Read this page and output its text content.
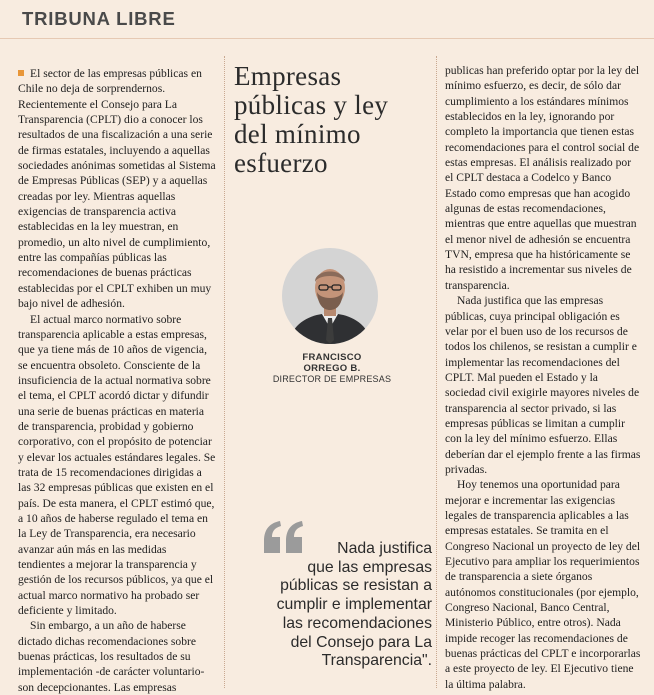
TRIBUNA LIBRE

El sector de las empresas públicas en Chile no deja de sorprendernos. Recientemente el Consejo para La Transparencia (CPLT) dio a conocer los resultados de una fiscalización a una serie de firmas estatales, incluyendo a aquellas sociedades anónimas sometidas al Sistema de Empresas Públicas (SEP) y a aquellas creadas por ley. Mientras aquellas exigencias de transparencia activa establecidas en la ley muestran, en promedio, un alto nivel de cumplimiento, entre las compañías públicas las recomendaciones de buenas prácticas establecidas por el CPLT exhiben un muy bajo nivel de adhesión.

El actual marco normativo sobre transparencia aplicable a estas empresas, que ya tiene más de 10 años de vigencia, se encuentra obsoleto. Consciente de la insuficiencia de la actual normativa sobre el tema, el CPLT acordó dictar y difundir una serie de buenas prácticas en materia de transparencia, probidad y gobierno corporativo, con el propósito de potenciar y elevar los actuales estándares legales. Se trata de 15 recomendaciones dirigidas a las 32 empresas públicas que existen en el país. De esta manera, el CPLT estimó que, a 10 años de haberse regulado el tema en la Ley de Transparencia, era necesario avanzar aún más en las medidas tendientes a mejorar la transparencia y gestión de los recursos públicos, ya que el actual marco normativo ha probado ser deficiente y limitado.

Sin embargo, a un año de haberse dictado dichas recomendaciones sobre buenas prácticas, los resultados de su implementación -de carácter voluntario- son decepcionantes. Las empresas

Empresas
públicas y ley
del mínimo
esfuerzo
FRANCISCO
ORREGO B.
DIRECTOR DE EMPRESAS
Nada justifica
que las empresas
públicas se resistan a
cumplir e implementar
las recomendaciones
del Consejo para La
Transparencia".

publicas han preferido optar por la ley del mínimo esfuerzo, es decir, de sólo dar cumplimiento a los estándares mínimos establecidos en la ley, ignorando por completo la importancia que tienen estas recomendaciones para el control social de estas empresas. El análisis realizado por el CPLT destaca a Codelco y Banco Estado como empresas que han acogido algunas de estas recomendaciones, mientras que entre aquellas que muestran el menor nivel de adhesión se encuentra TVN, empresa que ha históricamente se ha resistido a incrementar sus niveles de transparencia.

Nada justifica que las empresas públicas, cuya principal obligación es velar por el buen uso de los recursos de todos los chilenos, se resistan a cumplir e implementar las recomendaciones del CPLT. Mal pueden el Estado y la sociedad civil exigirle mayores niveles de transparencia al sector privado, si las empresas públicas se limitan a cumplir con la ley del mínimo esfuerzo. Ellas deberían dar el ejemplo frente a las firmas privadas.

Hoy tenemos una oportunidad para mejorar e incrementar las exigencias legales de transparencia aplicables a las empresas estatales. Se tramita en el Congreso Nacional un proyecto de ley del Ejecutivo para ampliar los requerimientos de transparencia a siete órganos autónomos constitucionales (por ejemplo, Congreso Nacional, Banco Central, Ministerio Público, entre otros). Nada impide recoger las recomendaciones de buenas prácticas del CPLT e incorporarlas a este proyecto de ley. El Ejecutivo tiene la última palabra.
